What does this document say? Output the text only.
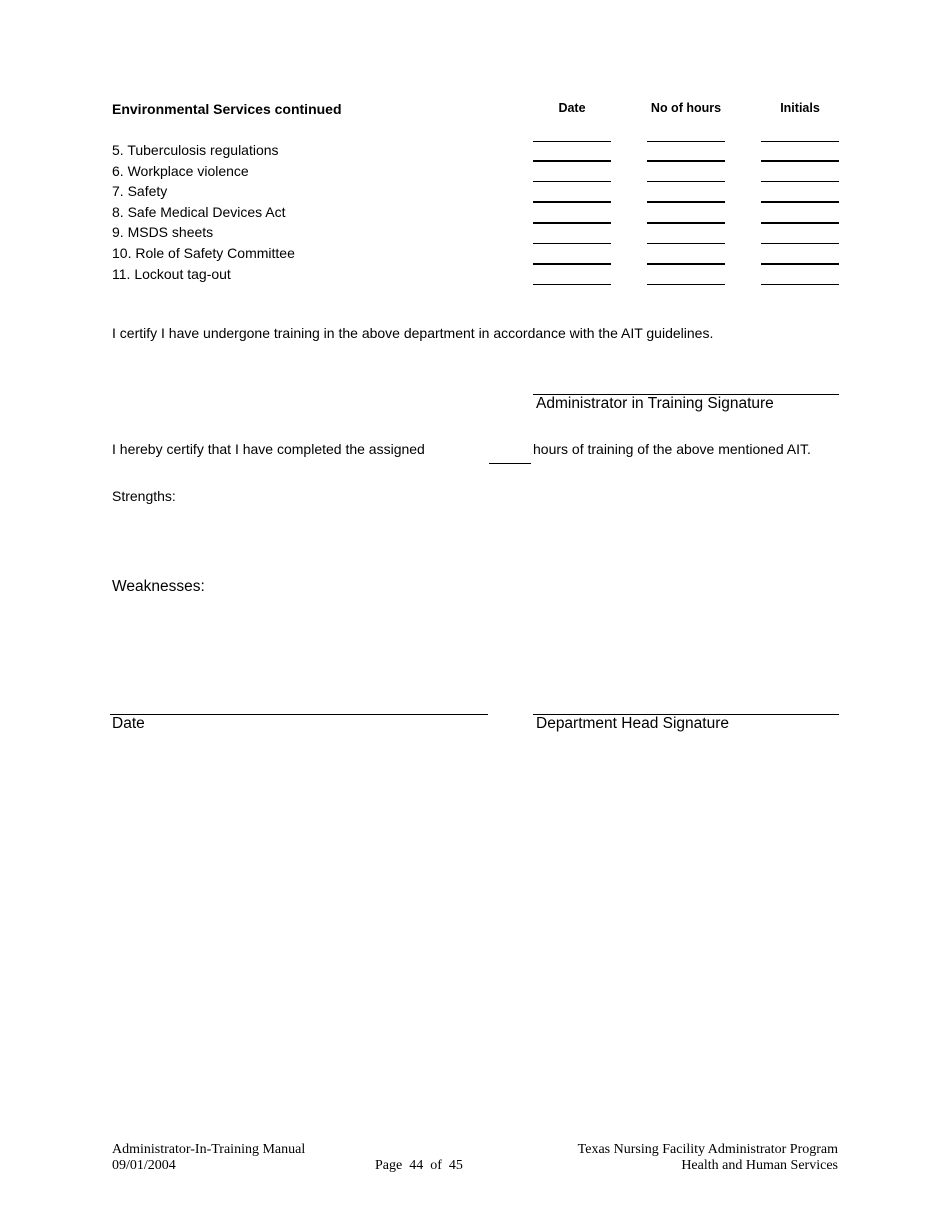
Environmental Services continued	Date	No of hours	Initials
5. Tuberculosis regulations
6. Workplace violence
7. Safety
8. Safe Medical Devices Act
9. MSDS sheets
10. Role of Safety Committee
11. Lockout tag-out
I certify I have undergone training in the above department in accordance with the AIT guidelines.
Administrator in Training Signature
I hereby certify that I have completed the assigned	hours of training of the above mentioned AIT.
Strengths:
Weaknesses:
Date	Department Head Signature
Administrator-In-Training Manual
09/01/2004	Page  44  of  45
Texas Nursing Facility Administrator Program
Health and Human Services
